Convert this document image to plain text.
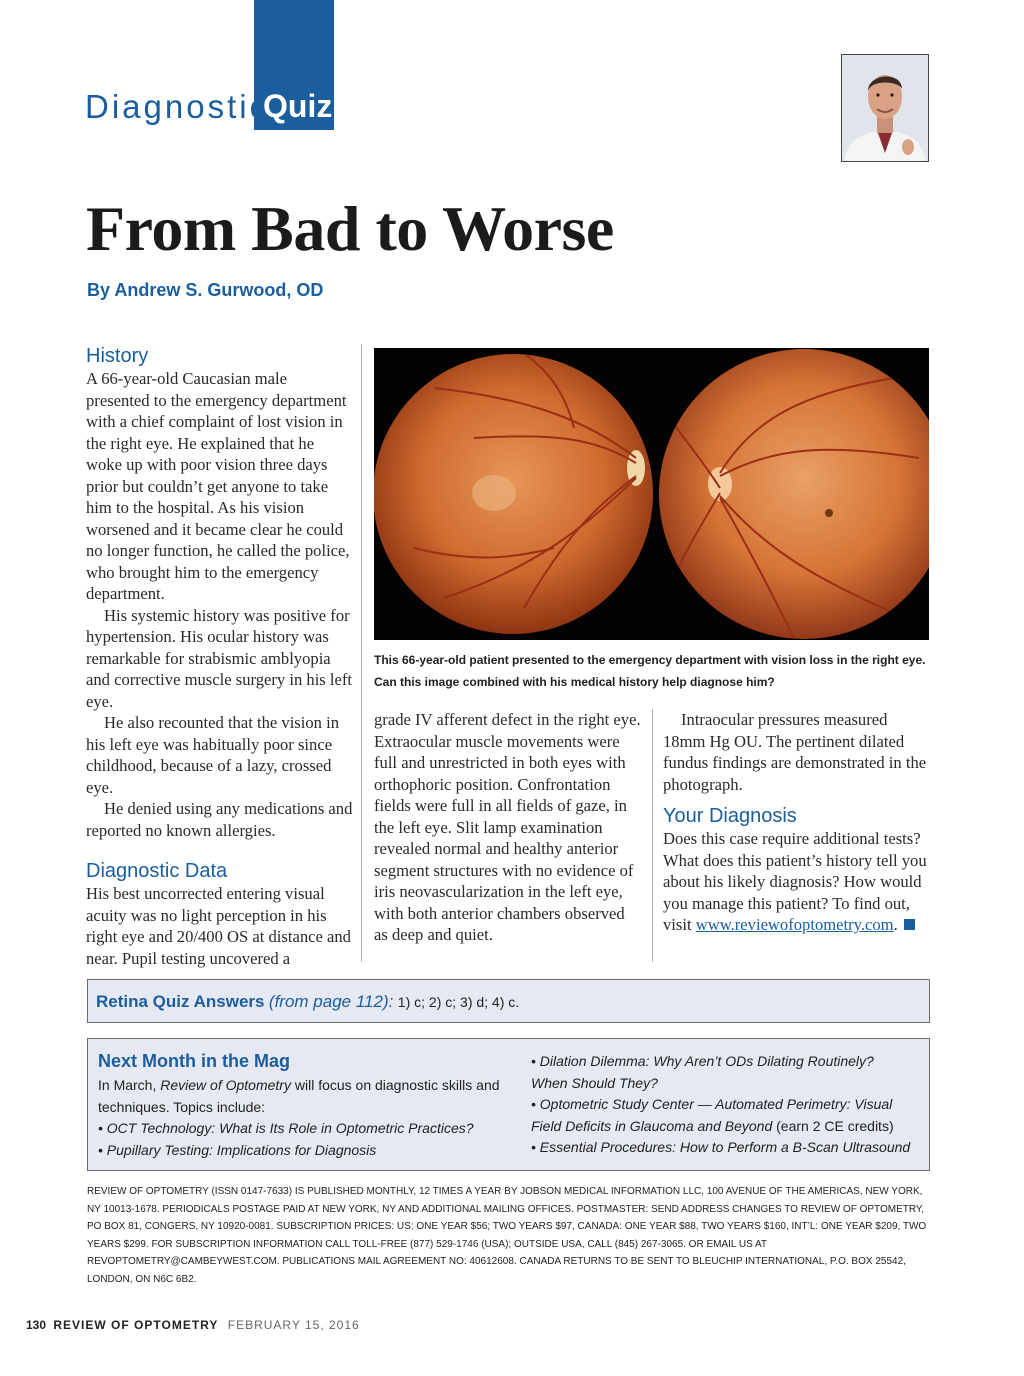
Diagnostic
Quiz
From Bad to Worse
By Andrew S. Gurwood, OD
History

A 66-year-old Caucasian male presented to the emergency department with a chief complaint of lost vision in the right eye. He explained that he woke up with poor vision three days prior but couldn’t get anyone to take him to the hospital. As his vision worsened and it became clear he could no longer function, he called the police, who brought him to the emergency department.

His systemic history was positive for hypertension. His ocular history was remarkable for strabismic amblyopia and corrective muscle surgery in his left eye.

He also recounted that the vision in his left eye was habitually poor since childhood, because of a lazy, crossed eye.

He denied using any medications and reported no known allergies.

Diagnostic Data

His best uncorrected entering visual acuity was no light perception in his right eye and 20/400 OS at distance and near. Pupil testing uncovered a

This 66-year-old patient presented to the emergency department with vision loss in the right eye. Can this image combined with his medical history help diagnose him?

grade IV afferent defect in the right eye. Extraocular muscle movements were full and unrestricted in both eyes with orthophoric position. Confrontation fields were full in all fields of gaze, in the left eye. Slit lamp examination revealed normal and healthy anterior segment structures with no evidence of iris neovascularization in the left eye, with both anterior chambers observed as deep and quiet.

Intraocular pressures measured 18mm Hg OU. The pertinent dilated fundus findings are demonstrated in the photograph.

Your Diagnosis

Does this case require additional tests? What does this patient’s history tell you about his likely diagnosis? How would you manage this patient? To find out, visit www.reviewofoptometry.com.

Retina Quiz Answers (from page 112): 1) c; 2) c; 3) d; 4) c.
Next Month in the Mag
In March, Review of Optometry will focus on diagnostic skills and techniques. Topics include:
• OCT Technology: What is Its Role in Optometric Practices?
• Pupillary Testing: Implications for Diagnosis
• Dilation Dilemma: Why Aren’t ODs Dilating Routinely? When Should They?
• Optometric Study Center — Automated Perimetry: Visual Field Deficits in Glaucoma and Beyond (earn 2 CE credits)
• Essential Procedures: How to Perform a B-Scan Ultrasound
REVIEW OF OPTOMETRY (ISSN 0147-7633) IS PUBLISHED MONTHLY, 12 TIMES A YEAR BY JOBSON MEDICAL INFORMATION LLC, 100 AVENUE OF THE AMERICAS, NEW YORK, NY 10013-1678. PERIODICALS POSTAGE PAID AT NEW YORK, NY AND ADDITIONAL MAILING OFFICES. POSTMASTER: SEND ADDRESS CHANGES TO REVIEW OF OPTOMETRY, PO BOX 81, CONGERS, NY 10920-0081. SUBSCRIPTION PRICES: US: ONE YEAR $56; TWO YEARS $97, CANADA: ONE YEAR $88, TWO YEARS $160, INT’L: ONE YEAR $209, TWO YEARS $299. FOR SUBSCRIPTION INFORMATION CALL TOLL-FREE (877) 529-1746 (USA); OUTSIDE USA, CALL (845) 267-3065. OR EMAIL US AT REVOPTOMETRY@CAMBEYWEST.COM. PUBLICATIONS MAIL AGREEMENT NO: 40612608. CANADA RETURNS TO BE SENT TO BLEUCHIP INTERNATIONAL, P.O. BOX 25542, LONDON, ON N6C 6B2.
130 REVIEW OF OPTOMETRY FEBRUARY 15, 2016
